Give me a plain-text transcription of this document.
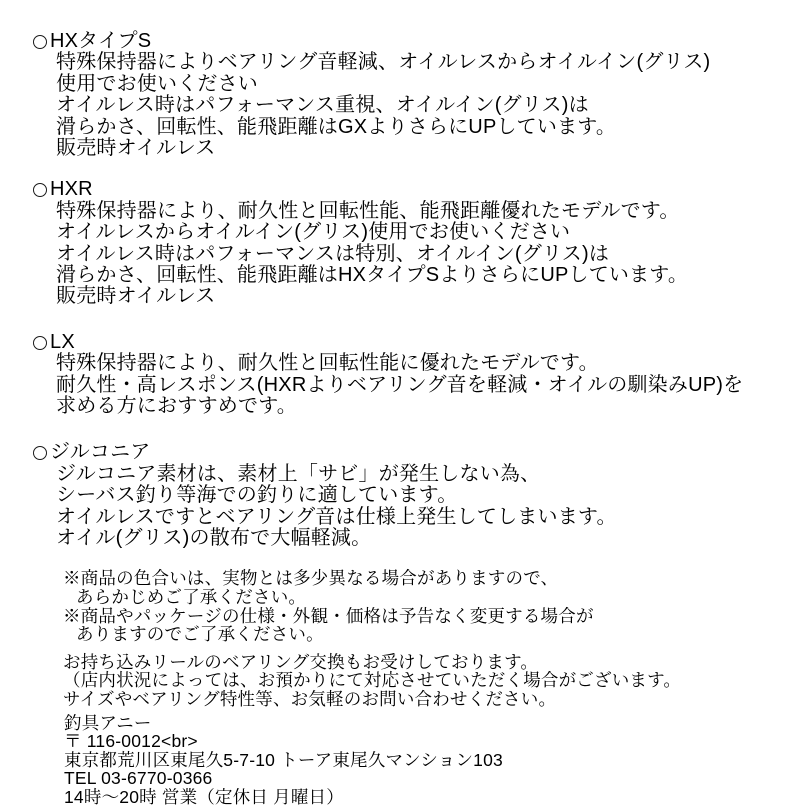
HXタイプS
特殊保持器によりベアリング音軽減、オイルレスからオイルイン(グリス)
使用でお使いください
オイルレス時はパフォーマンス重視、オイルイン(グリス)は
滑らかさ、回転性、能飛距離はGXよりさらにUPしています。
販売時オイルレス
HXR
特殊保持器により、耐久性と回転性能、能飛距離優れたモデルです。
オイルレスからオイルイン(グリス)使用でお使いください
オイルレス時はパフォーマンスは特別、オイルイン(グリス)は
滑らかさ、回転性、能飛距離はHXタイプSよりさらにUPしています。
販売時オイルレス
LX
特殊保持器により、耐久性と回転性能に優れたモデルです。
耐久性・高レスポンス(HXRよりベアリング音を軽減・オイルの馴染みUP)を
求める方におすすめです。
ジルコニア
ジルコニア素材は、素材上「サビ」が発生しない為、
シーバス釣り等海での釣りに適しています。
オイルレスですとベアリング音は仕様上発生してしまいます。
オイル(グリス)の散布で大幅軽減。
※商品の色合いは、実物とは多少異なる場合がありますので、
あらかじめご了承ください。
※商品やパッケージの仕様・外観・価格は予告なく変更する場合が
ありますのでご了承ください。
お持ち込みリールのベアリング交換もお受けしております。
（店内状況によっては、お預かりにて対応させていただく場合がございます。
サイズやベアリング特性等、お気軽のお問い合わせください。
釣具アニー
〒 116-0012<br>
東京都荒川区東尾久5-7-10 トーア東尾久マンション103
TEL 03-6770-0366
14時～20時 営業（定休日 月曜日）
